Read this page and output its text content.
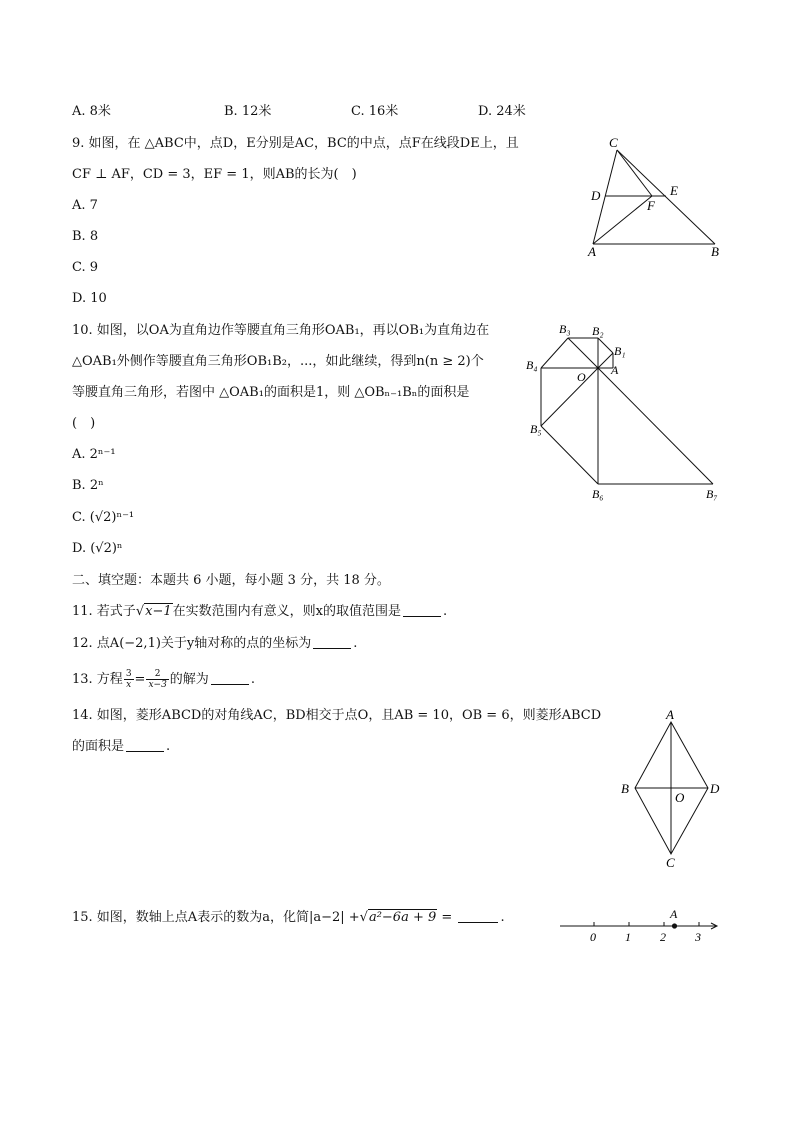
A. 8米	B. 12米	C. 16米	D. 24米
9. 如图，在 △ABC中，点D，E分别是AC，BC的中点，点F在线段DE上，且
CF ⊥ AF，CD = 3，EF = 1，则AB的长为(　)
A. 7
B. 8
C. 9
D. 10
C
D	E
F
A	B
10. 如图，以OA为直角边作等腰直角三角形OAB₁，再以OB₁为直角边在
△OAB₁外侧作等腰直角三角形OB₁B₂，...，如此继续，得到n(n ≥ 2)个
等腰直角三角形，若图中 △OAB₁的面积是1，则 △OBₙ₋₁Bₙ的面积是
(　)
A. 2ⁿ⁻¹
B. 2ⁿ
C. (√2)ⁿ⁻¹
D. (√2)ⁿ
B₃ B₂
B₁
B₄
O A
B₅
B₆	B₇
二、填空题：本题共 6 小题，每小题 3 分，共 18 分。
11. 若式子√x−1在实数范围内有意义，则x的取值范围是	.
12. 点A(−2,1)关于y轴对称的点的坐标为	.
13. 方程 $\frac{3}{x} = \frac{2}{x-3}$ 的解为	.
14. 如图，菱形ABCD的对角线AC，BD相交于点O，且AB = 10，OB = 6，则菱形ABCD
的面积是	.
A
B
O
D
C
15. 如图，数轴上点A表示的数为a，化简|a−2| +√a²−6a + 9 =	.	A
0 1 2 3
